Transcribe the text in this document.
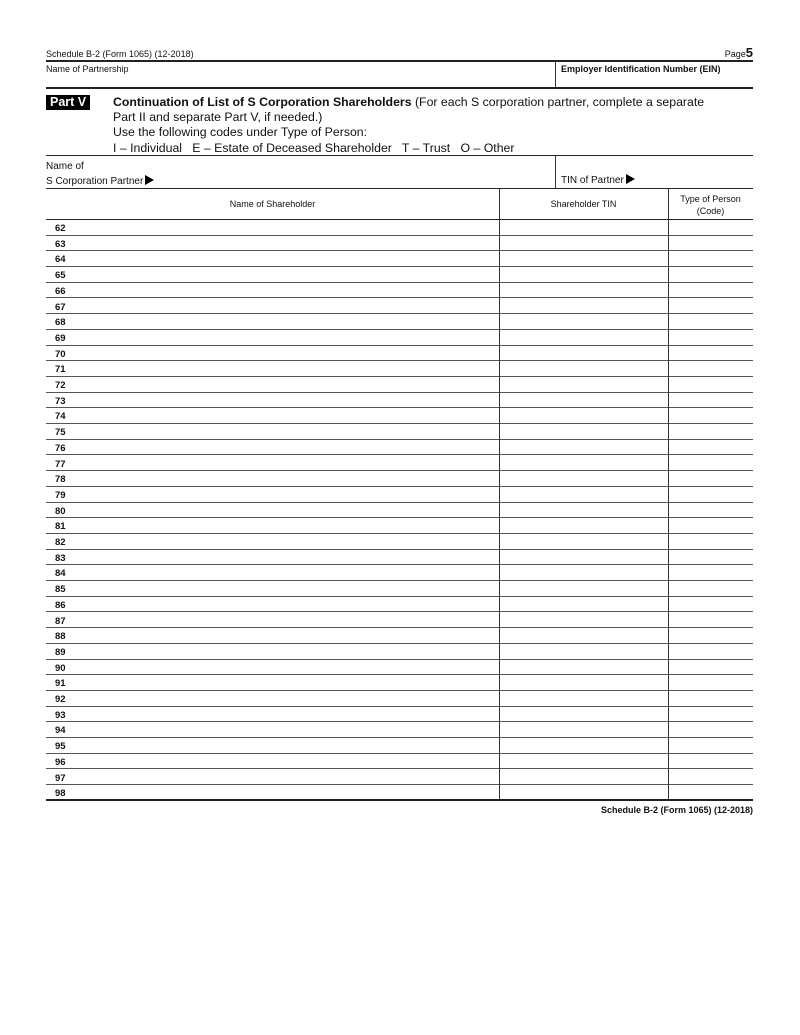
Schedule B-2 (Form 1065) (12-2018)	Page5
Name of Partnership	Employer Identification Number (EIN)
Part V	Continuation of List of S Corporation Shareholders (For each S corporation partner, complete a separate
Part II and separate Part V, if needed.)
Use the following codes under Type of Person:
I – Individual   E – Estate of Deceased Shareholder   T – Trust   O – Other
Name of
S Corporation Partner	TIN of Partner
Name of Shareholder	Shareholder TIN	Type of Person
(Code)
62
63
64
65
66
67
68
69
70
71
72
73
74
75
76
77
78
79
80
81
82
83
84
85
86
87
88
89
90
91
92
93
94
95
96
97
98
Schedule B-2 (Form 1065) (12-2018)
